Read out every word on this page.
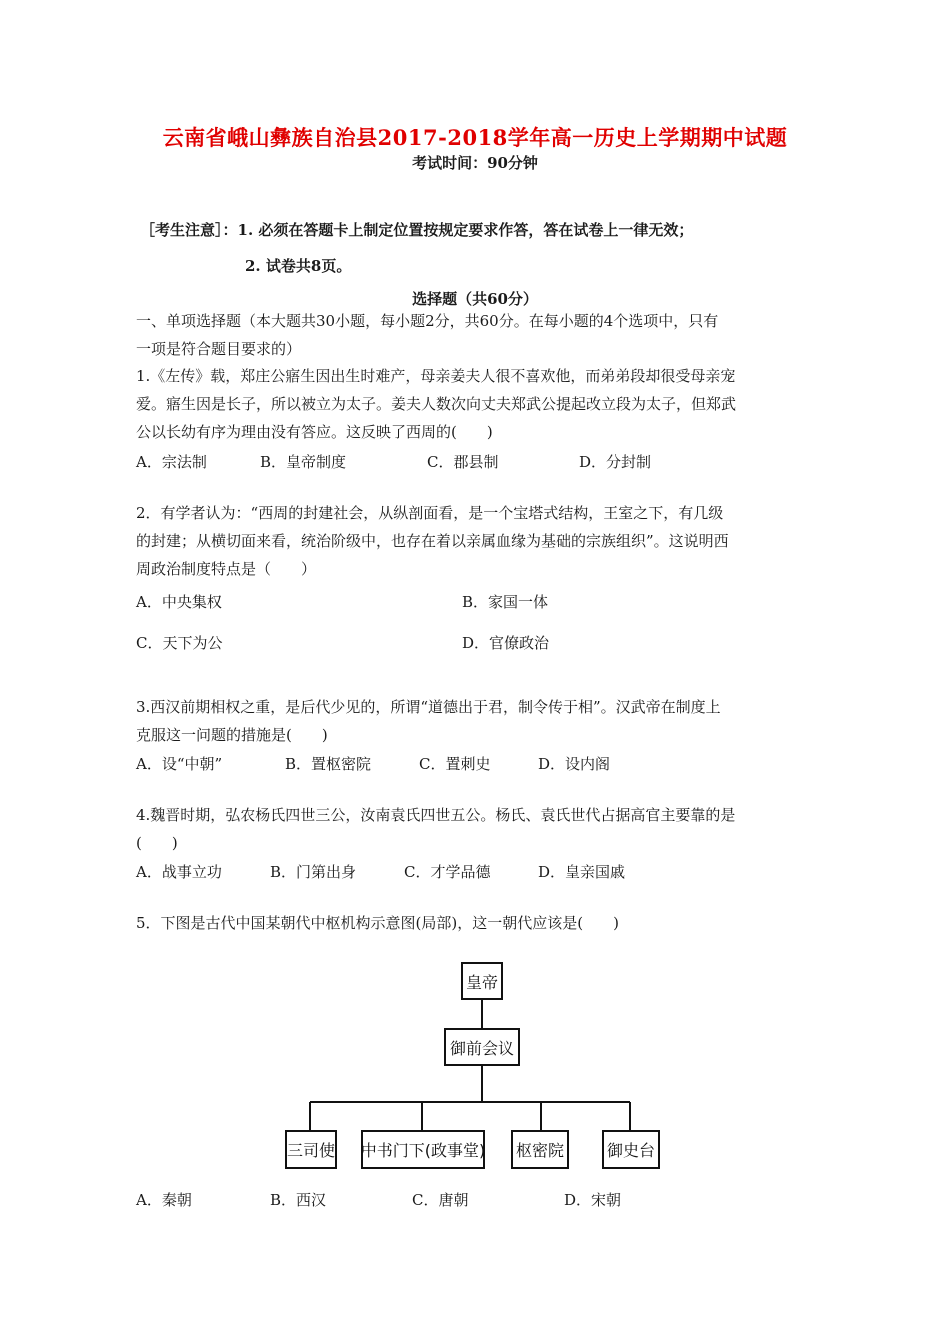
云南省峨山彝族自治县2017-2018学年高一历史上学期期中试题
考试时间：90分钟
［考生注意］：1. 必须在答题卡上制定位置按规定要求作答，答在试卷上一律无效；
2. 试卷共8页。
选择题（共60分）
一、单项选择题（本大题共30小题，每小题2分，共60分。在每小题的4个选项中，只有
一项是符合题目要求的）
1.《左传》载，郑庄公寤生因出生时难产，母亲姜夫人很不喜欢他，而弟弟段却很受母亲宠
爱。寤生因是长子，所以被立为太子。姜夫人数次向丈夫郑武公提起改立段为太子，但郑武
公以长幼有序为理由没有答应。这反映了西周的(　　)
A．宗法制	B．皇帝制度	C．郡县制	D．分封制
2．有学者认为：“西周的封建社会，从纵剖面看，是一个宝塔式结构，王室之下，有几级
的封建；从横切面来看，统治阶级中，也存在着以亲属血缘为基础的宗族组织”。这说明西
周政治制度特点是（　　）
A．中央集权	B．家国一体
C．天下为公	D．官僚政治
3.西汉前期相权之重，是后代少见的，所谓“道德出于君，制令传于相”。汉武帝在制度上
克服这一问题的措施是(　　)
A．设“中朝”	B．置枢密院	C．置刺史	D．设内阁
4.魏晋时期，弘农杨氏四世三公，汝南袁氏四世五公。杨氏、袁氏世代占据高官主要靠的是
(　　)
A．战事立功	B．门第出身	C．才学品德	D．皇亲国戚
5．下图是古代中国某朝代中枢机构示意图(局部)，这一朝代应该是(　　)
皇帝
御前会议
三司使 中书门下(政事堂) 枢密院	御史台
A．秦朝	B．西汉	C．唐朝	D．宋朝
